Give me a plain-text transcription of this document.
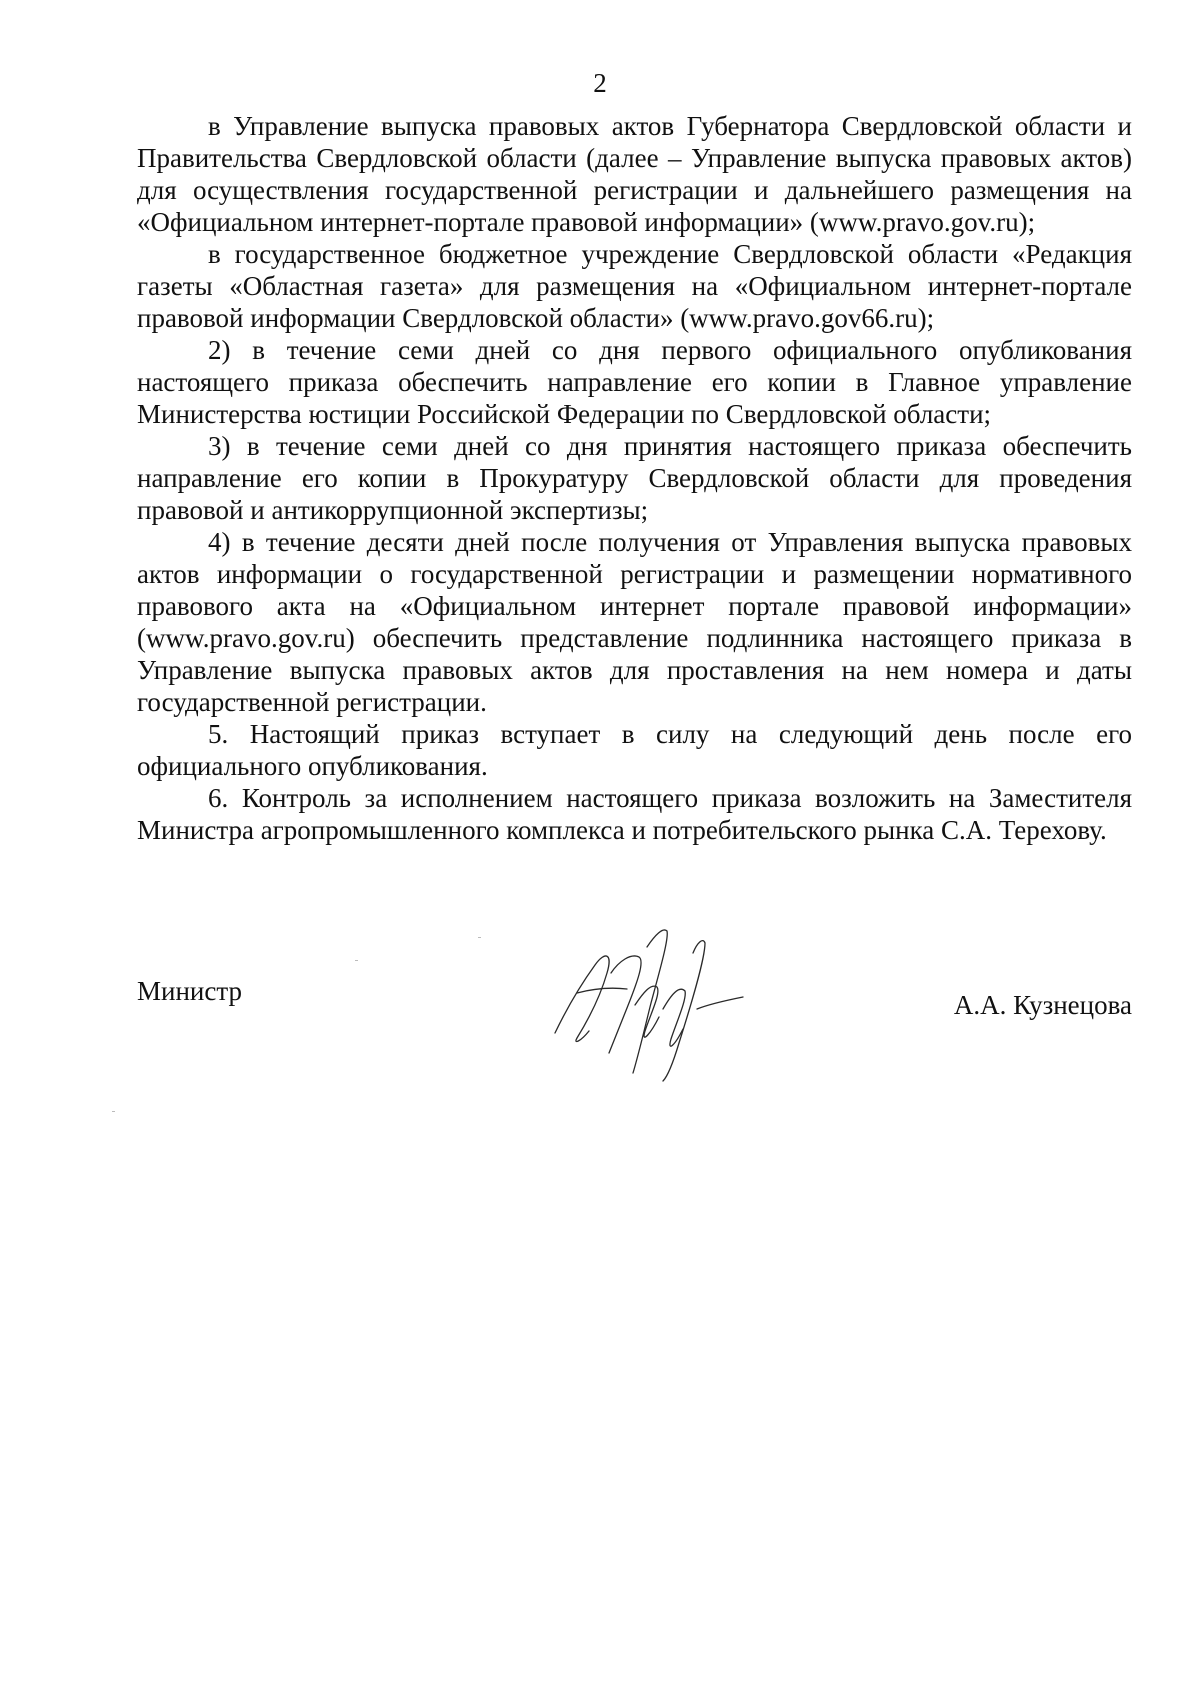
2

в Управление выпуска правовых актов Губернатора Свердловской области и Правительства Свердловской области (далее – Управление выпуска правовых актов) для осуществления государственной регистрации и дальнейшего размещения на «Официальном интернет-портале правовой информации» (www.pravo.gov.ru);

в государственное бюджетное учреждение Свердловской области «Редакция газеты «Областная газета» для размещения на «Официальном интернет-портале правовой информации Свердловской области» (www.pravo.gov66.ru);

2) в течение семи дней со дня первого официального опубликования настоящего приказа обеспечить направление его копии в Главное управление Министерства юстиции Российской Федерации по Свердловской области;

3) в течение семи дней со дня принятия настоящего приказа обеспечить направление его копии в Прокуратуру Свердловской области для проведения правовой и антикоррупционной экспертизы;

4) в течение десяти дней после получения от Управления выпуска правовых актов информации о государственной регистрации и размещении нормативного правового акта на «Официальном интернет портале правовой информации» (www.pravo.gov.ru) обеспечить представление подлинника настоящего приказа в Управление выпуска правовых актов для проставления на нем номера и даты государственной регистрации.

5. Настоящий приказ вступает в силу на следующий день после его официального опубликования.

6. Контроль за исполнением настоящего приказа возложить на Заместителя Министра агропромышленного комплекса и потребительского рынка С.А. Терехову.

Министр	А.А. Кузнецова
